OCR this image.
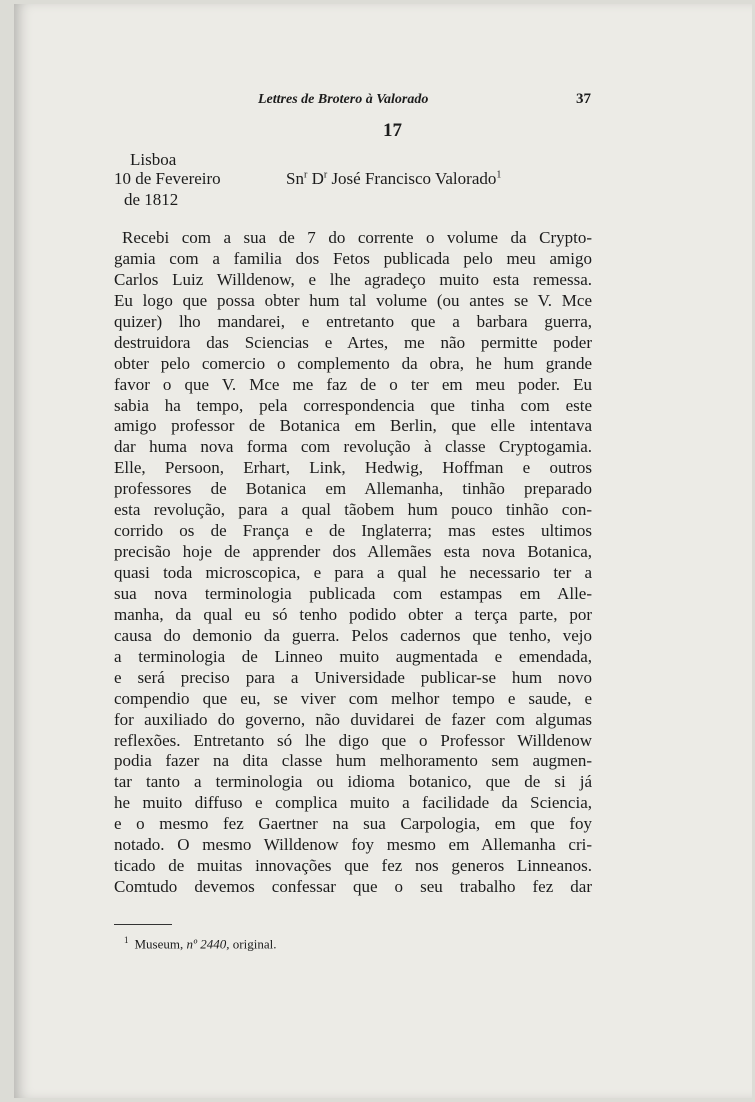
Lettres de Brotero à Valorado	37
17
Lisboa
10 de Fevereiro
de 1812
Sn$^r$ $D^r$ José Francisco Valorado$^1$
Recebi com a sua de 7 do corrente o volume da Crypto-
gamia com a familia dos Fetos publicada pelo meu amigo
Carlos Luiz Willdenow, e lhe agradeço muito esta remessa.
Eu logo que possa obter hum tal volume (ou antes se V. Mce
quizer) lho mandarei, e entretanto que a barbara guerra,
destruidora das Sciencias e Artes, me não permitte poder
obter pelo comercio o complemento da obra, he hum grande
favor o que V. Mce me faz de o ter em meu poder. Eu
sabia ha tempo, pela correspondencia que tinha com este
amigo professor de Botanica em Berlin, que elle intentava
dar huma nova forma com revolução à classe Cryptogamia.
Elle, Persoon, Erhart, Link, Hedwig, Hoffman e outros
professores de Botanica em Allemanha, tinhão preparado
esta revolução, para a qual tãobem hum pouco tinhão con-
corrido os de França e de Inglaterra; mas estes ultimos
precisão hoje de apprender dos Allemães esta nova Botanica,
quasi toda microscopica, e para a qual he necessario ter a
sua nova terminologia publicada com estampas em Alle-
manha, da qual eu só tenho podido obter a terça parte, por
causa do demonio da guerra. Pelos cadernos que tenho, vejo
a terminologia de Linneo muito augmentada e emendada,
e será preciso para a Universidade publicar-se hum novo
compendio que eu, se viver com melhor tempo e saude, e
for auxiliado do governo, não duvidarei de fazer com algumas
reflexões. Entretanto só lhe digo que o Professor Willdenow
podia fazer na dita classe hum melhoramento sem augmen-
tar tanto a terminologia ou idioma botanico, que de si já
he muito diffuso e complica muito a facilidade da Sciencia,
e o mesmo fez Gaertner na sua Carpologia, em que foy
notado. O mesmo Willdenow foy mesmo em Allemanha cri-
ticado de muitas innovações que fez nos generos Linneanos.
Comtudo devemos confessar que o seu trabalho fez dar
$^1$ Museum, nº 2440, original.
